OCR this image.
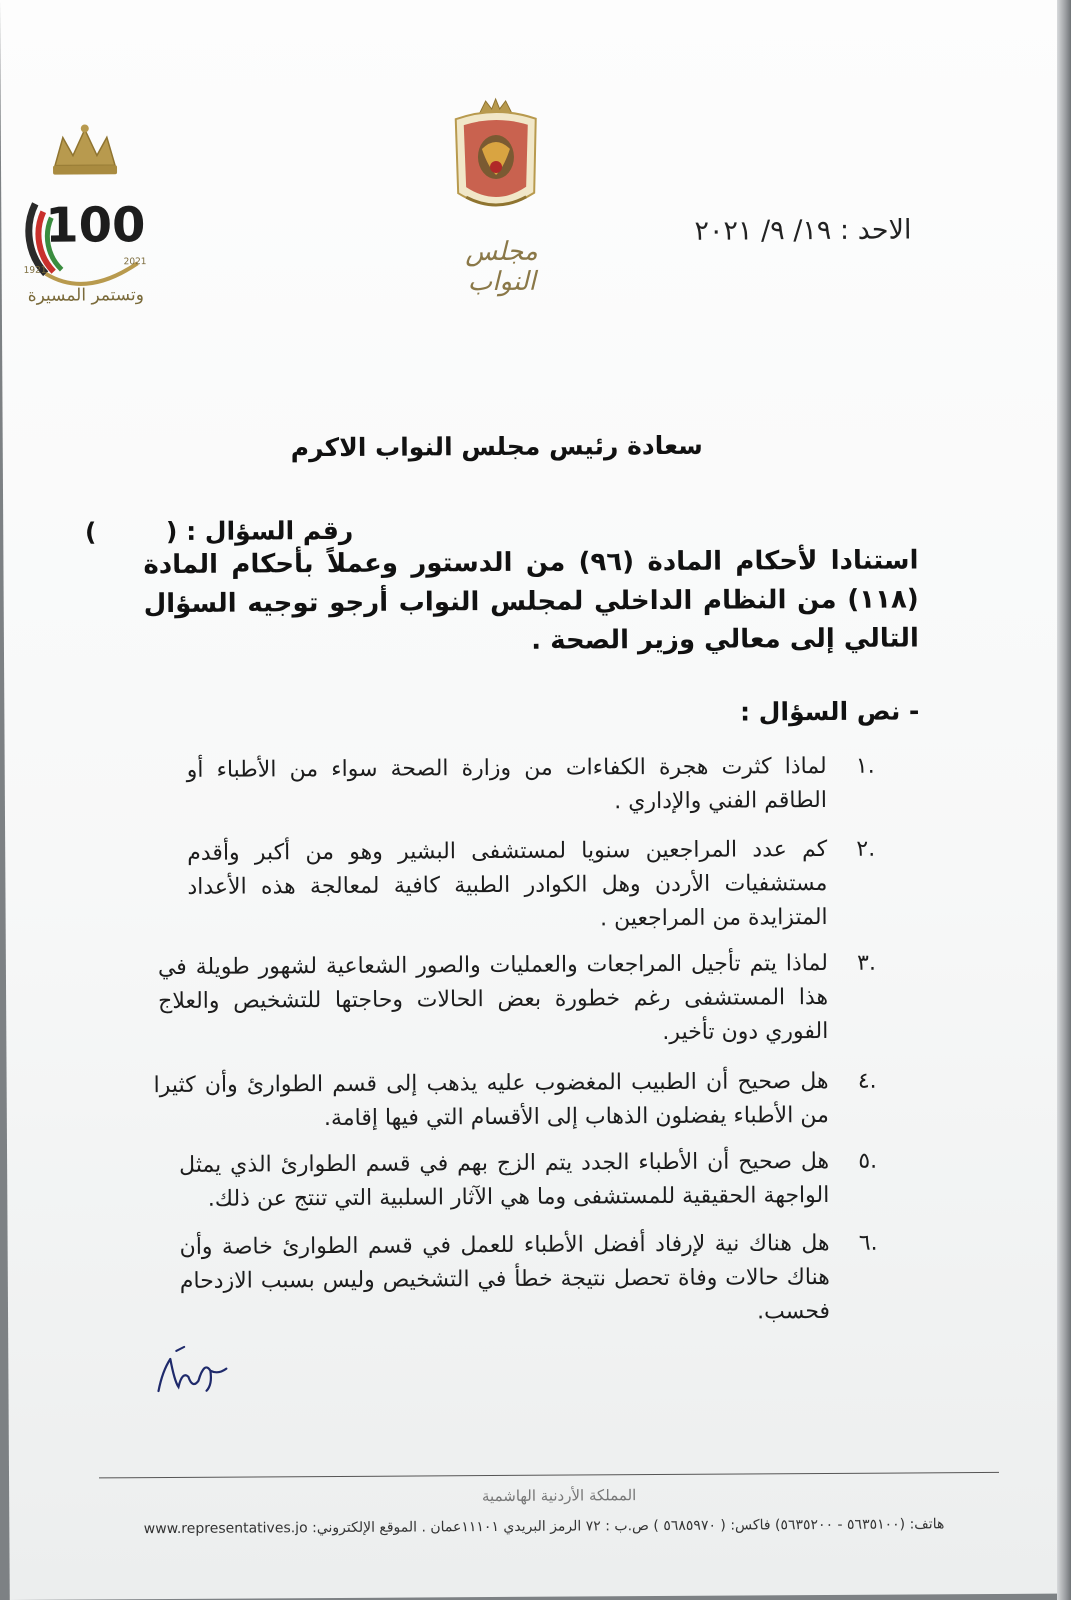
100
1921
2021
وتستمر المسيرة
مجلس النواب
الاحد : ١٩/ ٩/ ٢٠٢١
سعادة رئيس مجلس النواب الاكرم
رقم السؤال : (        )
استنادا لأحكام المادة (٩٦) من الدستور وعملاً بأحكام المادة (١١٨) من النظام الداخلي لمجلس النواب أرجو توجيه السؤال التالي إلى معالي وزير الصحة .
- نص السؤال :
.١
لماذا كثرت هجرة الكفاءات من وزارة الصحة سواء من الأطباء أو الطاقم الفني والإداري .
.٢
كم عدد المراجعين سنويا لمستشفى البشير وهو من أكبر وأقدم مستشفيات الأردن وهل الكوادر الطبية كافية لمعالجة هذه الأعداد المتزايدة من المراجعين .
.٣
لماذا يتم تأجيل المراجعات والعمليات والصور الشعاعية لشهور طويلة في هذا المستشفى رغم خطورة بعض الحالات وحاجتها للتشخيص والعلاج الفوري دون تأخير.
.٤
هل صحيح أن الطبيب المغضوب عليه يذهب إلى قسم الطوارئ وأن كثيرا من الأطباء يفضلون الذهاب إلى الأقسام التي فيها إقامة.
.٥
هل صحيح أن الأطباء الجدد يتم الزج بهم في قسم الطوارئ الذي يمثل الواجهة الحقيقية للمستشفى وما هي الآثار السلبية التي تنتج عن ذلك.
.٦
هل هناك نية لإرفاد أفضل الأطباء للعمل في قسم الطوارئ خاصة وأن هناك حالات وفاة تحصل نتيجة خطأ في التشخيص وليس بسبب الازدحام فحسب.
المملكة الأردنية الهاشمية
هاتف: (٥٦٣٥١٠٠ - ٥٦٣٥٢٠٠) فاكس: ( ٥٦٨٥٩٧٠ ) ص.ب : ٧٢ الرمز البريدي ١١١٠١عمان . الموقع الإلكتروني: www.representatives.jo
